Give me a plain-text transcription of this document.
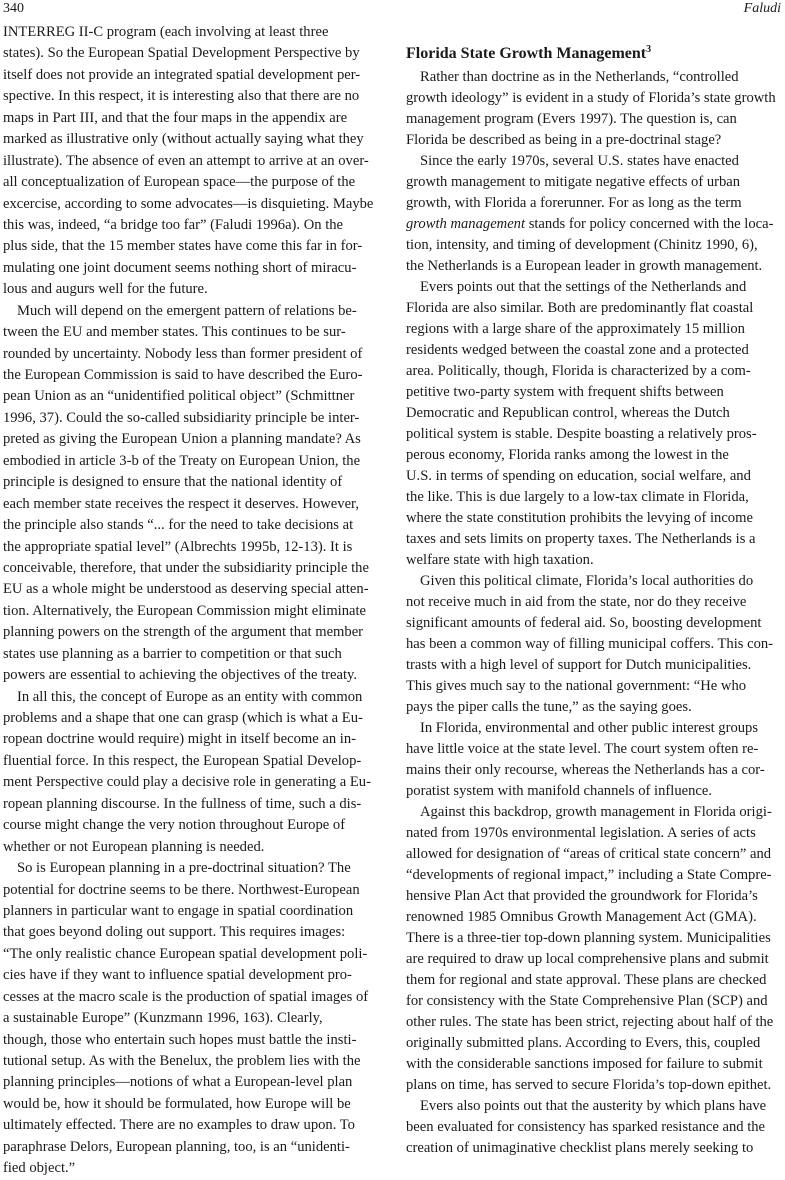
340	Faludi
INTERREG II-C program (each involving at least three
states). So the European Spatial Development Perspective by
itself does not provide an integrated spatial development per-
spective. In this respect, it is interesting also that there are no
maps in Part III, and that the four maps in the appendix are
marked as illustrative only (without actually saying what they
illustrate). The absence of even an attempt to arrive at an over-
all conceptualization of European space—the purpose of the
excercise, according to some advocates—is disquieting. Maybe
this was, indeed, “a bridge too far” (Faludi 1996a). On the
plus side, that the 15 member states have come this far in for-
mulating one joint document seems nothing short of miracu-
lous and augurs well for the future.
Much will depend on the emergent pattern of relations be-
tween the EU and member states. This continues to be sur-
rounded by uncertainty. Nobody less than former president of
the European Commission is said to have described the Euro-
pean Union as an “unidentified political object” (Schmittner
1996, 37). Could the so-called subsidiarity principle be inter-
preted as giving the European Union a planning mandate? As
embodied in article 3-b of the Treaty on European Union, the
principle is designed to ensure that the national identity of
each member state receives the respect it deserves. However,
the principle also stands “... for the need to take decisions at
the appropriate spatial level” (Albrechts 1995b, 12-13). It is
conceivable, therefore, that under the subsidiarity principle the
EU as a whole might be understood as deserving special atten-
tion. Alternatively, the European Commission might eliminate
planning powers on the strength of the argument that member
states use planning as a barrier to competition or that such
powers are essential to achieving the objectives of the treaty.
In all this, the concept of Europe as an entity with common
problems and a shape that one can grasp (which is what a Eu-
ropean doctrine would require) might in itself become an in-
fluential force. In this respect, the European Spatial Develop-
ment Perspective could play a decisive role in generating a Eu-
ropean planning discourse. In the fullness of time, such a dis-
course might change the very notion throughout Europe of
whether or not European planning is needed.
So is European planning in a pre-doctrinal situation? The
potential for doctrine seems to be there. Northwest-European
planners in particular want to engage in spatial coordination
that goes beyond doling out support. This requires images:
“The only realistic chance European spatial development poli-
cies have if they want to influence spatial development pro-
cesses at the macro scale is the production of spatial images of
a sustainable Europe” (Kunzmann 1996, 163). Clearly,
though, those who entertain such hopes must battle the insti-
tutional setup. As with the Benelux, the problem lies with the
planning principles—notions of what a European-level plan
would be, how it should be formulated, how Europe will be
ultimately effected. There are no examples to draw upon. To
paraphrase Delors, European planning, too, is an “unidenti-
fied object.”
Florida State Growth Management$^3$
Rather than doctrine as in the Netherlands, “controlled
growth ideology” is evident in a study of Florida’s state growth
management program (Evers 1997). The question is, can
Florida be described as being in a pre-doctrinal stage?
Since the early 1970s, several U.S. states have enacted
growth management to mitigate negative effects of urban
growth, with Florida a forerunner. For as long as the term
growth management stands for policy concerned with the loca-
tion, intensity, and timing of development (Chinitz 1990, 6),
the Netherlands is a European leader in growth management.
Evers points out that the settings of the Netherlands and
Florida are also similar. Both are predominantly flat coastal
regions with a large share of the approximately 15 million
residents wedged between the coastal zone and a protected
area. Politically, though, Florida is characterized by a com-
petitive two-party system with frequent shifts between
Democratic and Republican control, whereas the Dutch
political system is stable. Despite boasting a relatively pros-
perous economy, Florida ranks among the lowest in the
U.S. in terms of spending on education, social welfare, and
the like. This is due largely to a low-tax climate in Florida,
where the state constitution prohibits the levying of income
taxes and sets limits on property taxes. The Netherlands is a
welfare state with high taxation.
Given this political climate, Florida’s local authorities do
not receive much in aid from the state, nor do they receive
significant amounts of federal aid. So, boosting development
has been a common way of filling municipal coffers. This con-
trasts with a high level of support for Dutch municipalities.
This gives much say to the national government: “He who
pays the piper calls the tune,” as the saying goes.
In Florida, environmental and other public interest groups
have little voice at the state level. The court system often re-
mains their only recourse, whereas the Netherlands has a cor-
poratist system with manifold channels of influence.
Against this backdrop, growth management in Florida origi-
nated from 1970s environmental legislation. A series of acts
allowed for designation of “areas of critical state concern” and
“developments of regional impact,” including a State Compre-
hensive Plan Act that provided the groundwork for Florida’s
renowned 1985 Omnibus Growth Management Act (GMA).
There is a three-tier top-down planning system. Municipalities
are required to draw up local comprehensive plans and submit
them for regional and state approval. These plans are checked
for consistency with the State Comprehensive Plan (SCP) and
other rules. The state has been strict, rejecting about half of the
originally submitted plans. According to Evers, this, coupled
with the considerable sanctions imposed for failure to submit
plans on time, has served to secure Florida’s top-down epithet.
Evers also points out that the austerity by which plans have
been evaluated for consistency has sparked resistance and the
creation of unimaginative checklist plans merely seeking to
